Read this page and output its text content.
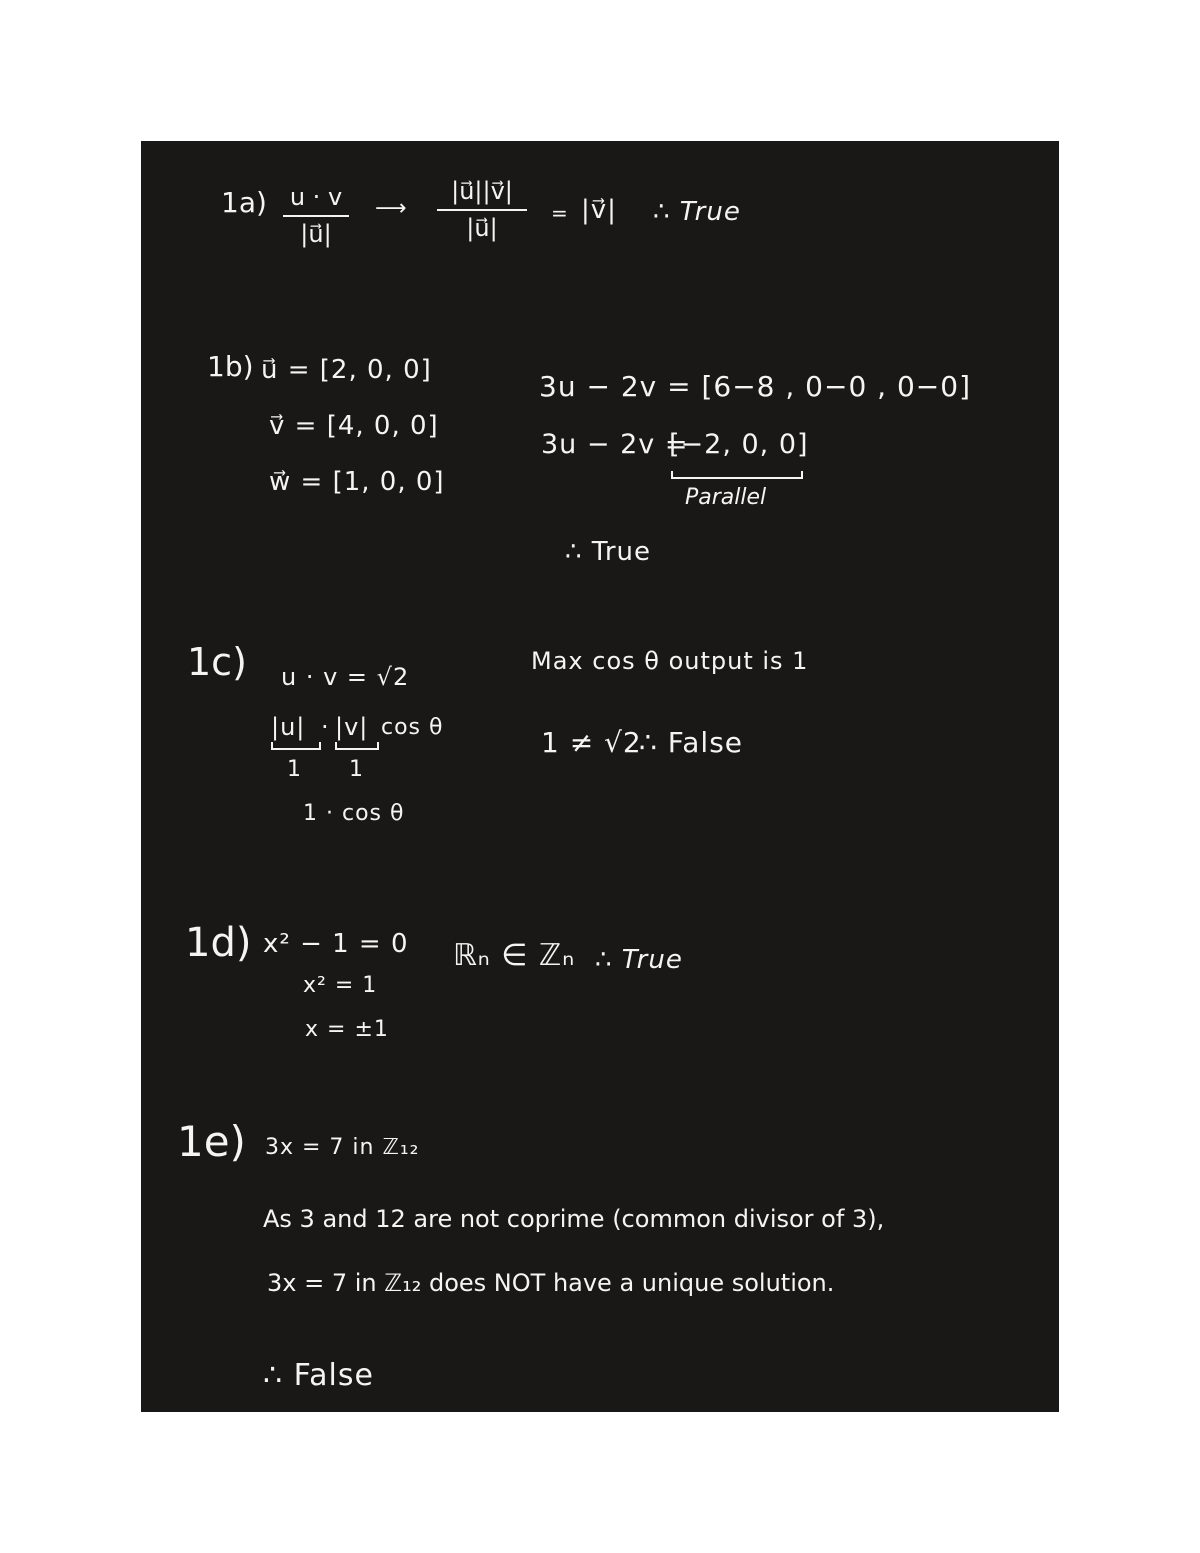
1a) u · v
|u⃗|
⟶
|u⃗||v⃗|
|u⃗|
= |v⃗| ∴ True
1b) u⃗ = [2, 0, 0]
v⃗ = [4, 0, 0]
w⃗ = [1, 0, 0]
3u − 2v = [6−8 , 0−0 , 0−0]
3u − 2v =
[−2, 0, 0]
Parallel
∴ True
1c) u · v = √2
|u| · |v| cos θ
1 1
1 · cos θ
Max cos θ output is 1
1 ≠ √2
∴ False
1d) x² − 1 = 0
x² = 1
x = ±1
ℝₙ ∈ ℤₙ ∴ True
1e) 3x = 7 in ℤ₁₂
As 3 and 12 are not coprime (common divisor of 3),
3x = 7 in ℤ₁₂ does NOT have a unique solution.
∴ False
